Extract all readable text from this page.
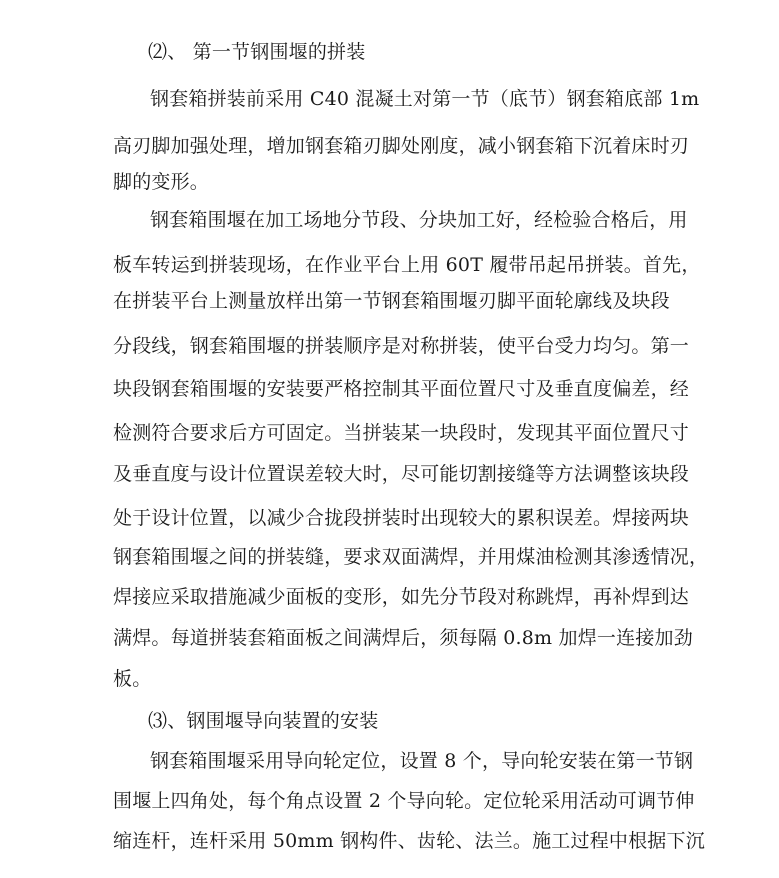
⑵、 第一节钢围堰的拼装
钢套箱拼装前采用 C40 混凝土对第一节（底节）钢套箱底部 1m
高刃脚加强处理，增加钢套箱刃脚处刚度，减小钢套箱下沉着床时刃
脚的变形。
钢套箱围堰在加工场地分节段、分块加工好，经检验合格后，用
板车转运到拼装现场，在作业平台上用 60T 履带吊起吊拼装。首先，
在拼装平台上测量放样出第一节钢套箱围堰刃脚平面轮廓线及块段
分段线，钢套箱围堰的拼装顺序是对称拼装，使平台受力均匀。第一
块段钢套箱围堰的安装要严格控制其平面位置尺寸及垂直度偏差，经
检测符合要求后方可固定。当拼装某一块段时，发现其平面位置尺寸
及垂直度与设计位置误差较大时，尽可能切割接缝等方法调整该块段
处于设计位置，以减少合拢段拼装时出现较大的累积误差。焊接两块
钢套箱围堰之间的拼装缝，要求双面满焊，并用煤油检测其渗透情况，
焊接应采取措施减少面板的变形，如先分节段对称跳焊，再补焊到达
满焊。每道拼装套箱面板之间满焊后，须每隔 0.8m 加焊一连接加劲
板。
⑶、钢围堰导向装置的安装
钢套箱围堰采用导向轮定位，设置 8 个，导向轮安装在第一节钢
围堰上四角处，每个角点设置 2 个导向轮。定位轮采用活动可调节伸
缩连杆，连杆采用 50mm 钢构件、齿轮、法兰。施工过程中根据下沉
